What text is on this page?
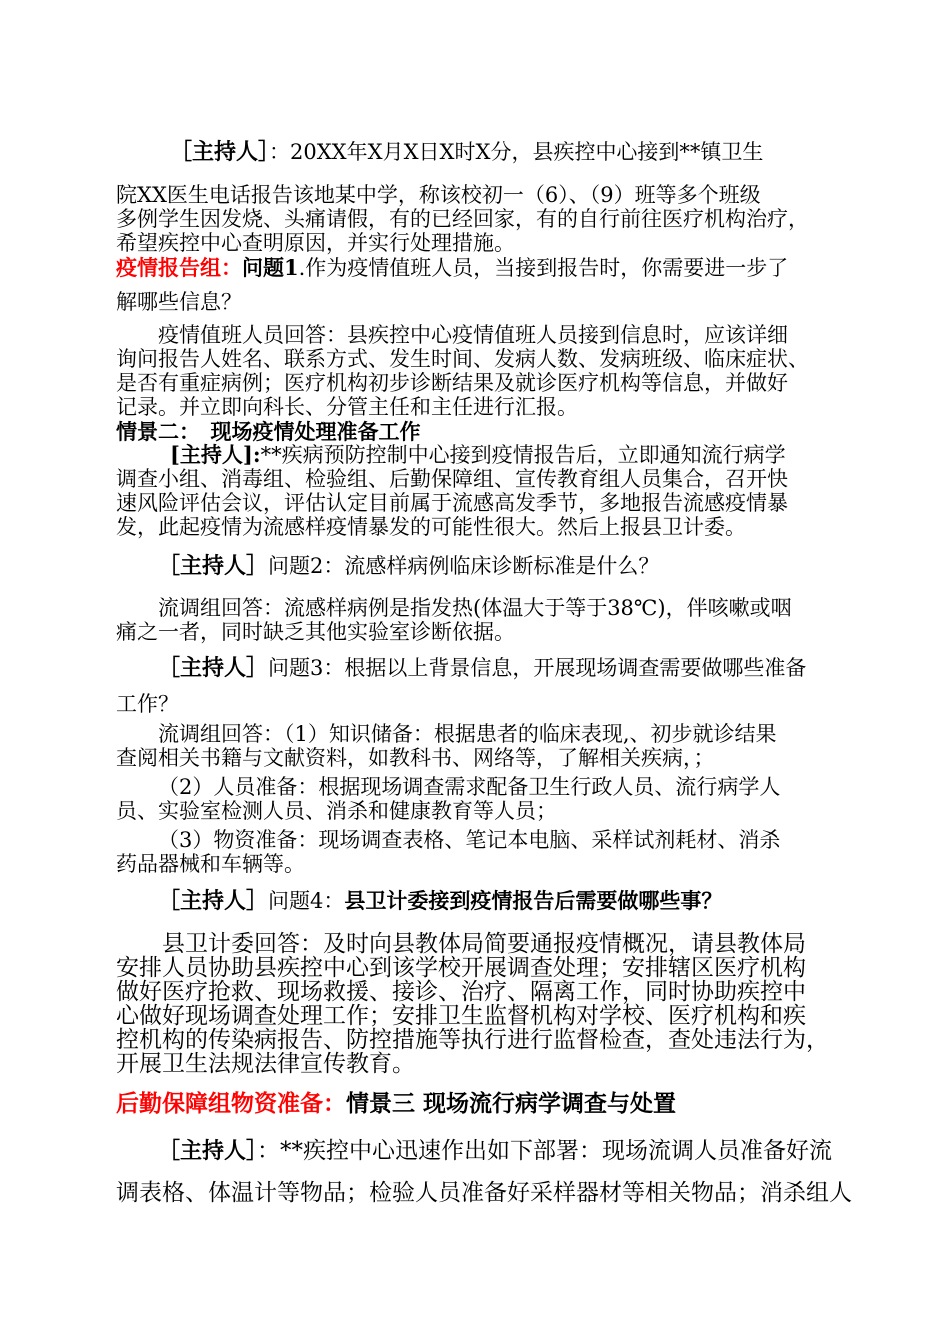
［主持人］：20XX年X月X日X时X分，县疾控中心接到**镇卫生
院XX医生电话报告该地某中学，称该校初一（6）、（9）班等多个班级
多例学生因发烧、头痛请假，有的已经回家，有的自行前往医疗机构治疗，
希望疾控中心查明原因，并实行处理措施。
疫情报告组：问题1.作为疫情值班人员，当接到报告时，你需要进一步了
解哪些信息？
疫情值班人员回答：县疾控中心疫情值班人员接到信息时，应该详细
询问报告人姓名、联系方式、发生时间、发病人数、发病班级、临床症状、
是否有重症病例；医疗机构初步诊断结果及就诊医疗机构等信息，并做好
记录。并立即向科长、分管主任和主任进行汇报。
情景二：　现场疫情处理准备工作
[主持人]:**疾病预防控制中心接到疫情报告后，立即通知流行病学
调查小组、消毒组、检验组、后勤保障组、宣传教育组人员集合，召开快
速风险评估会议，评估认定目前属于流感高发季节，多地报告流感疫情暴
发，此起疫情为流感样疫情暴发的可能性很大。然后上报县卫计委。
［主持人］问题2：流感样病例临床诊断标准是什么？
流调组回答：流感样病例是指发热(体温大于等于38℃)，伴咳嗽或咽
痛之一者，同时缺乏其他实验室诊断依据。
［主持人］问题3：根据以上背景信息，开展现场调查需要做哪些准备
工作？
流调组回答：（1）知识储备：根据患者的临床表现,、初步就诊结果
查阅相关书籍与文献资料，如教科书、网络等，了解相关疾病，；
（2）人员准备：根据现场调查需求配备卫生行政人员、流行病学人
员、实验室检测人员、消杀和健康教育等人员；
（3）物资准备：现场调查表格、笔记本电脑、采样试剂耗材、消杀
药品器械和车辆等。
［主持人］问题4：县卫计委接到疫情报告后需要做哪些事？
县卫计委回答：及时向县教体局简要通报疫情概况，请县教体局
安排人员协助县疾控中心到该学校开展调查处理；安排辖区医疗机构
做好医疗抢救、现场救援、接诊、治疗、隔离工作，同时协助疾控中
心做好现场调查处理工作；安排卫生监督机构对学校、医疗机构和疾
控机构的传染病报告、防控措施等执行进行监督检查，查处违法行为，
开展卫生法规法律宣传教育。
后勤保障组物资准备：情景三 现场流行病学调查与处置
［主持人］：**疾控中心迅速作出如下部署：现场流调人员准备好流
调表格、体温计等物品；检验人员准备好采样器材等相关物品；消杀组人
